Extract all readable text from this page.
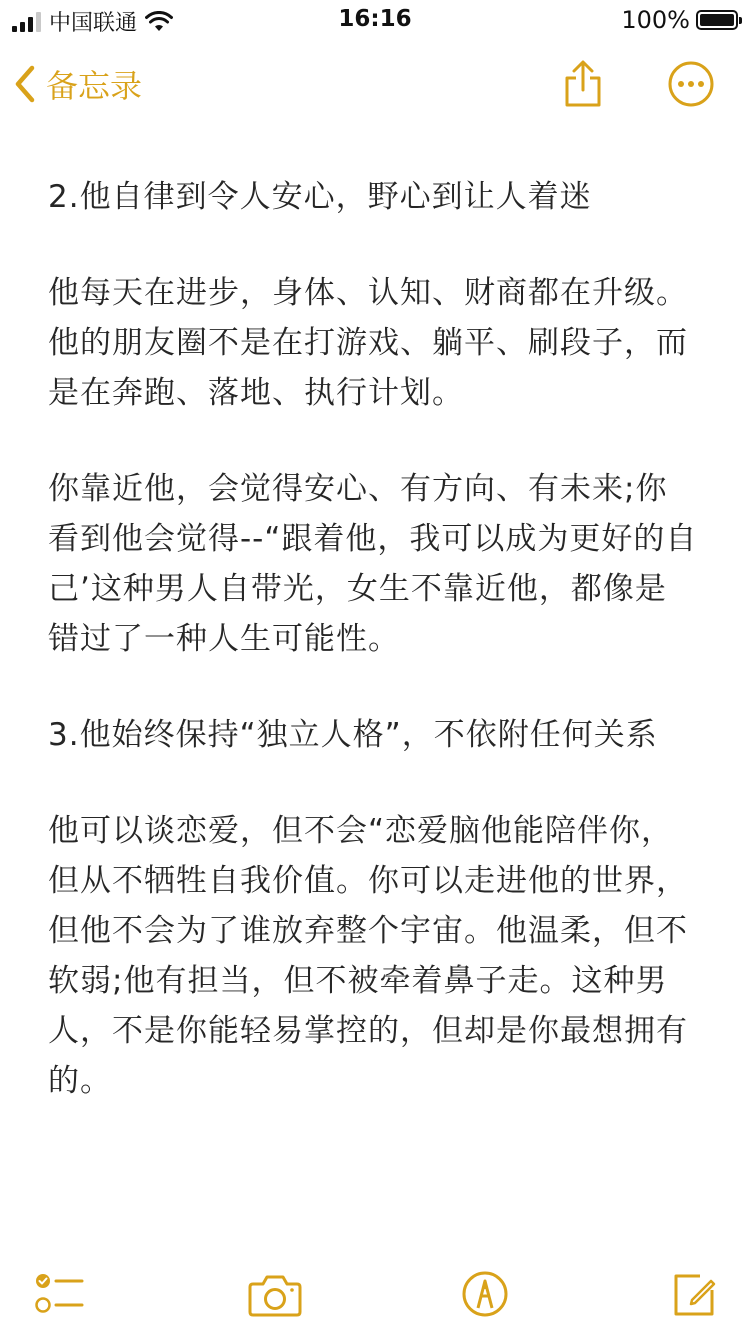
中国联通	16:16	100%
备忘录

2.他自律到令人安心，野心到让人着迷

他每天在进步，身体、认知、财商都在升级。他的朋友圈不是在打游戏、躺平、刷段子，而是在奔跑、落地、执行计划。

你靠近他，会觉得安心、有方向、有未来;你看到他会觉得--“跟着他，我可以成为更好的自己’这种男人自带光，女生不靠近他，都像是错过了一种人生可能性。

3.他始终保持“独立人格”，不依附任何关系

他可以谈恋爱，但不会“恋爱脑他能陪伴你，但从不牺牲自我价值。你可以走进他的世界，但他不会为了谁放弃整个宇宙。他温柔，但不软弱;他有担当，但不被牵着鼻子走。这种男人，不是你能轻易掌控的，但却是你最想拥有的。
